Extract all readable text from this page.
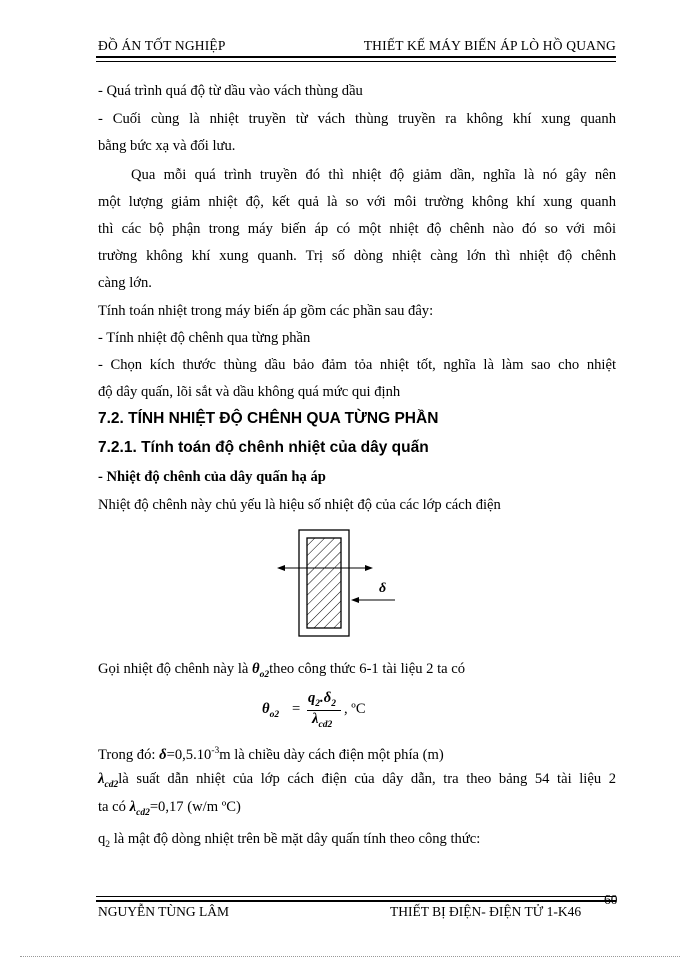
ĐỒ ÁN TỐT NGHIỆP	THIẾT KẾ MÁY BIẾN ÁP LÒ HỒ QUANG
- Quá trình quá độ từ dầu vào vách thùng dầu
- Cuối cùng là nhiệt truyền từ vách thùng truyền ra không khí xung quanh
bằng bức xạ và đối lưu.
Qua mỗi quá trình truyền đó thì nhiệt độ giảm dần, nghĩa là nó gây nên
một lượng giảm nhiệt độ, kết quả là so với môi trường không khí xung quanh
thì các bộ phận trong máy biến áp có một nhiệt độ chênh nào đó so với môi
trường không khí xung quanh. Trị số dòng nhiệt càng lớn thì nhiệt độ chênh
càng lớn.
Tính toán nhiệt trong máy biến áp gồm các phần sau đây:
- Tính nhiệt độ chênh qua từng phần
- Chọn kích thước thùng dầu bảo đảm tỏa nhiệt tốt, nghĩa là làm sao cho nhiệt
độ dây quấn, lõi sắt và dầu không quá mức qui định
7.2. TÍNH NHIỆT ĐỘ CHÊNH QUA TỪNG PHẦN
7.2.1. Tính toán độ chênh nhiệt của dây quấn
- Nhiệt độ chênh của dây quấn hạ áp
Nhiệt độ chênh này chủ yếu là hiệu số nhiệt độ của các lớp cách điện
δ
Gọi nhiệt độ chênh này là $\theta_{o2}theo$ công thức 6-1 tài liệu 2 ta có
$\theta_{o2}$ =
$q_2.\delta_2$
$\lambda_{cd2}$
, ºC
Trong đó: $\delta=0,5.10^{-3}m$ là chiều dày cách điện một phía (m)
$\lambda_{cd2}là$ suất dẫn nhiệt của lớp cách điện của dây dẫn, tra theo bảng 54 tài liệu 2
ta có $\lambda_{cd2}=0,17$ (w/m ºC)
$q_2$ là mật độ dòng nhiệt trên bề mặt dây quấn tính theo công thức:
NGUYỄN TÙNG LÂM	THIẾT BỊ ĐIỆN- ĐIỆN TỬ 1-K46
60
